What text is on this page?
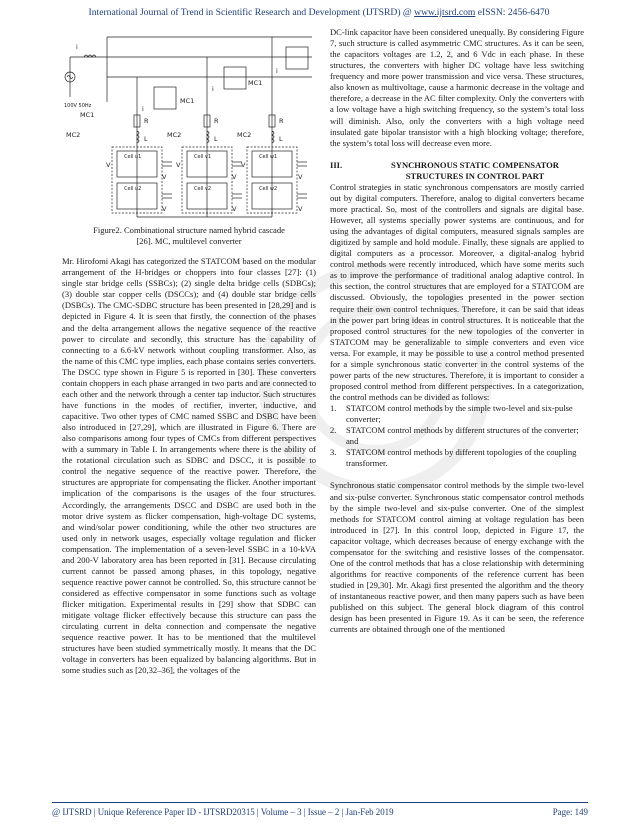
International Journal of Trend in Scientific Research and Development (IJTSRD) @ www.ijtsrd.com eISSN: 2456-6470
i
100V 50Hz
MC1
MC2	MC2	MC2
MC1
MC1
i
i
i
R	R	R
L	L	L
Cell u1	Cell v1	Cell w1
Cell u2	Cell v2	Cell w2
V	V	V
V	V	V
V	V	V
Figure2. Combinational structure named hybrid cascade
[26]. MC, multilevel converter

Mr. Hirofomi Akagi has categorized the STATCOM based on the modular arrangement of the H-bridges or choppers into four classes [27]: (1) single star bridge cells (SSBCs); (2) single delta bridge cells (SDBCs); (3) double star copper cells (DSCCs); and (4) double star bridge cells (DSBCs). The CMC-SDBC structure has been presented in [28,29] and is depicted in Figure 4. It is seen that firstly, the connection of the phases and the delta arrangement allows the negative sequence of the reactive power to circulate and secondly, this structure has the capability of connecting to a 6.6-kV network without coupling transformer. Also, as the name of this CMC type implies, each phase contains series converters. The DSCC type shown in Figure 5 is reported in [30]. These converters contain choppers in each phase arranged in two parts and are connected to each other and the network through a center tap inductor. Such structures have functions in the modes of rectifier, inverter, inductive, and capacitive. Two other types of CMC named SSBC and DSBC have been also introduced in [27,29], which are illustrated in Figure 6. There are also comparisons among four types of CMCs from different perspectives with a summary in Table I. In arrangements where there is the ability of the rotational circulation such as SDBC and DSCC, it is possible to control the negative sequence of the reactive power. Therefore, the structures are appropriate for compensating the flicker. Another important implication of the comparisons is the usages of the four structures. Accordingly, the arrangements DSCC and DSBC are used both in the motor drive system as flicker compensation, high-voltage DC systems, and wind/solar power conditioning, while the other two structures are used only in network usages, especially voltage regulation and flicker compensation. The implementation of a seven-level SSBC in a 10-kVA and 200-V laboratory area has been reported in [31]. Because circulating current cannot be passed among phases, in this topology, negative sequence reactive power cannot be controlled. So, this structure cannot be considered as effective compensator in some functions such as voltage flicker mitigation. Experimental results in [29] show that SDBC can mitigate voltage flicker effectively because this structure can pass the circulating current in delta connection and compensate the negative sequence reactive power. It has to be mentioned that the multilevel structures have been studied symmetrically mostly. It means that the DC voltage in converters has been equalized by balancing algorithms. But in some studies such as [20,32–36], the voltages of the

DC-link capacitor have been considered unequally. By considering Figure 7, such structure is called asymmetric CMC structures. As it can be seen, the capacitors voltages are 1.2, 2, and 6 Vdc in each phase. In these structures, the converters with higher DC voltage have less switching frequency and more power transmission and vice versa. These structures, also known as multivoltage, cause a harmonic decrease in the voltage and therefore, a decrease in the AC filter complexity. Only the converters with a low voltage have a high switching frequency, so the system’s total loss will diminish. Also, only the converters with a high voltage need insulated gate bipolar transistor with a high blocking voltage; therefore, the system’s total loss will decrease even more.

III.	SYNCHRONOUS STATIC COMPENSATOR
STRUCTURES IN CONTROL PART

Control strategies in static synchronous compensators are mostly carried out by digital computers. Therefore, analog to digital converters became more practical. So, most of the controllers and signals are digital base. However, all systems specially power systems are continuous, and for using the advantages of digital computers, measured signals samples are digitized by sample and hold module. Finally, these signals are applied to digital computers as a processor. Moreover, a digital-analog hybrid control methods were recently introduced, which have some merits such as to improve the performance of traditional analog adaptive control. In this section, the control structures that are employed for a STATCOM are discussed. Obviously, the topologies presented in the power section require their own control techniques. Therefore, it can be said that ideas in the power part bring ideas in control structures. It is noticeable that the proposed control structures for the new topologies of the converter in STATCOM may be generalizable to simple converters and even vice versa. For example, it may be possible to use a control method presented for a simple synchronous static converter in the control systems of the power parts of the new structures. Therefore, it is important to consider a proposed control method from different perspectives. In a categorization, the control methods can be divided as follows:

1.	STATCOM control methods by the simple two-level and six-pulse converter;
2.	STATCOM control methods by different structures of the converter; and
3.	STATCOM control methods by different topologies of the coupling transformer.

Synchronous static compensator control methods by the simple two-level and six-pulse converter. Synchronous static compensator control methods by the simple two-level and six-pulse converter. One of the simplest methods for STATCOM control aiming at voltage regulation has been introduced in [27]. In this control loop, depicted in Figure 17, the capacitor voltage, which decreases because of energy exchange with the compensator for the switching and resistive losses of the compensator. One of the control methods that has a close relationship with determining algorithms for reactive components of the reference current has been studied in [29,30]. Mr. Akagi first presented the algorithm and the theory of instantaneous reactive power, and then many papers such as have been published on this subject. The general block diagram of this control design has been presented in Figure 19. As it can be seen, the reference currents are obtained through one of the mentioned

@ IJTSRD | Unique Reference Paper ID - IJTSRD20315 | Volume – 3 | Issue – 2 | Jan-Feb 2019	Page: 149
